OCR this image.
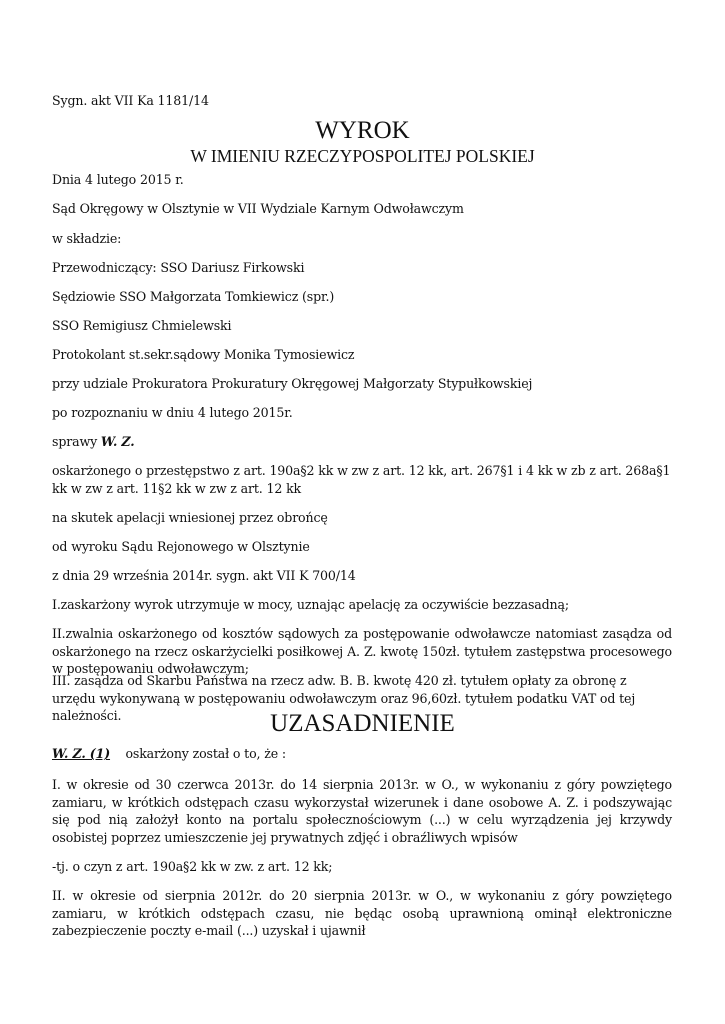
Sygn. akt VII Ka 1181/14

WYROK
W IMIENIU RZECZYPOSPOLITEJ POLSKIEJ

Dnia 4 lutego 2015 r.

Sąd Okręgowy w Olsztynie w VII Wydziale Karnym Odwoławczym

w składzie:

Przewodniczący: SSO Dariusz Firkowski

Sędziowie SSO Małgorzata Tomkiewicz (spr.)

SSO Remigiusz Chmielewski

Protokolant st.sekr.sądowy Monika Tymosiewicz

przy udziale Prokuratora Prokuratury Okręgowej Małgorzaty Stypułkowskiej

po rozpoznaniu w dniu 4 lutego 2015r.

sprawy W. Z.

oskarżonego o przestępstwo z art. 190a§2 kk w zw z art. 12 kk, art. 267§1 i 4 kk w zb z art. 268a§1 kk w zw z art. 11§2 kk w zw z art. 12 kk

na skutek apelacji wniesionej przez obrońcę

od wyroku Sądu Rejonowego w Olsztynie

z dnia 29 września 2014r. sygn. akt VII K 700/14

I.zaskarżony wyrok utrzymuje w mocy, uznając apelację za oczywiście bezzasadną;

II.zwalnia oskarżonego od kosztów sądowych za postępowanie odwoławcze natomiast zasądza od oskarżonego na rzecz oskarżycielki posiłkowej A. Z. kwotę 150zł. tytułem zastępstwa procesowego w postępowaniu odwoławczym;

III. zasądza od Skarbu Państwa na rzecz adw. B. B. kwotę 420 zł. tytułem opłaty za obronę z urzędu wykonywaną w postępowaniu odwoławczym oraz 96,60zł. tytułem podatku VAT od tej należności.	UZASADNIENIE

W. Z. (1) oskarżony został o to, że :

I. w okresie od 30 czerwca 2013r. do 14 sierpnia 2013r. w O., w wykonaniu z góry powziętego zamiaru, w krótkich odstępach czasu wykorzystał wizerunek i dane osobowe A. Z. i podszywając się pod nią założył konto na portalu społecznościowym (...) w celu wyrządzenia jej krzywdy osobistej poprzez umieszczenie jej prywatnych zdjęć i obraźliwych wpisów

-tj. o czyn z art. 190a§2 kk w zw. z art. 12 kk;

II. w okresie od sierpnia 2012r. do 20 sierpnia 2013r. w O., w wykonaniu z góry powziętego zamiaru, w krótkich odstępach czasu, nie będąc osobą uprawnioną ominął elektroniczne zabezpieczenie poczty e-mail (...) uzyskał i ujawnił
